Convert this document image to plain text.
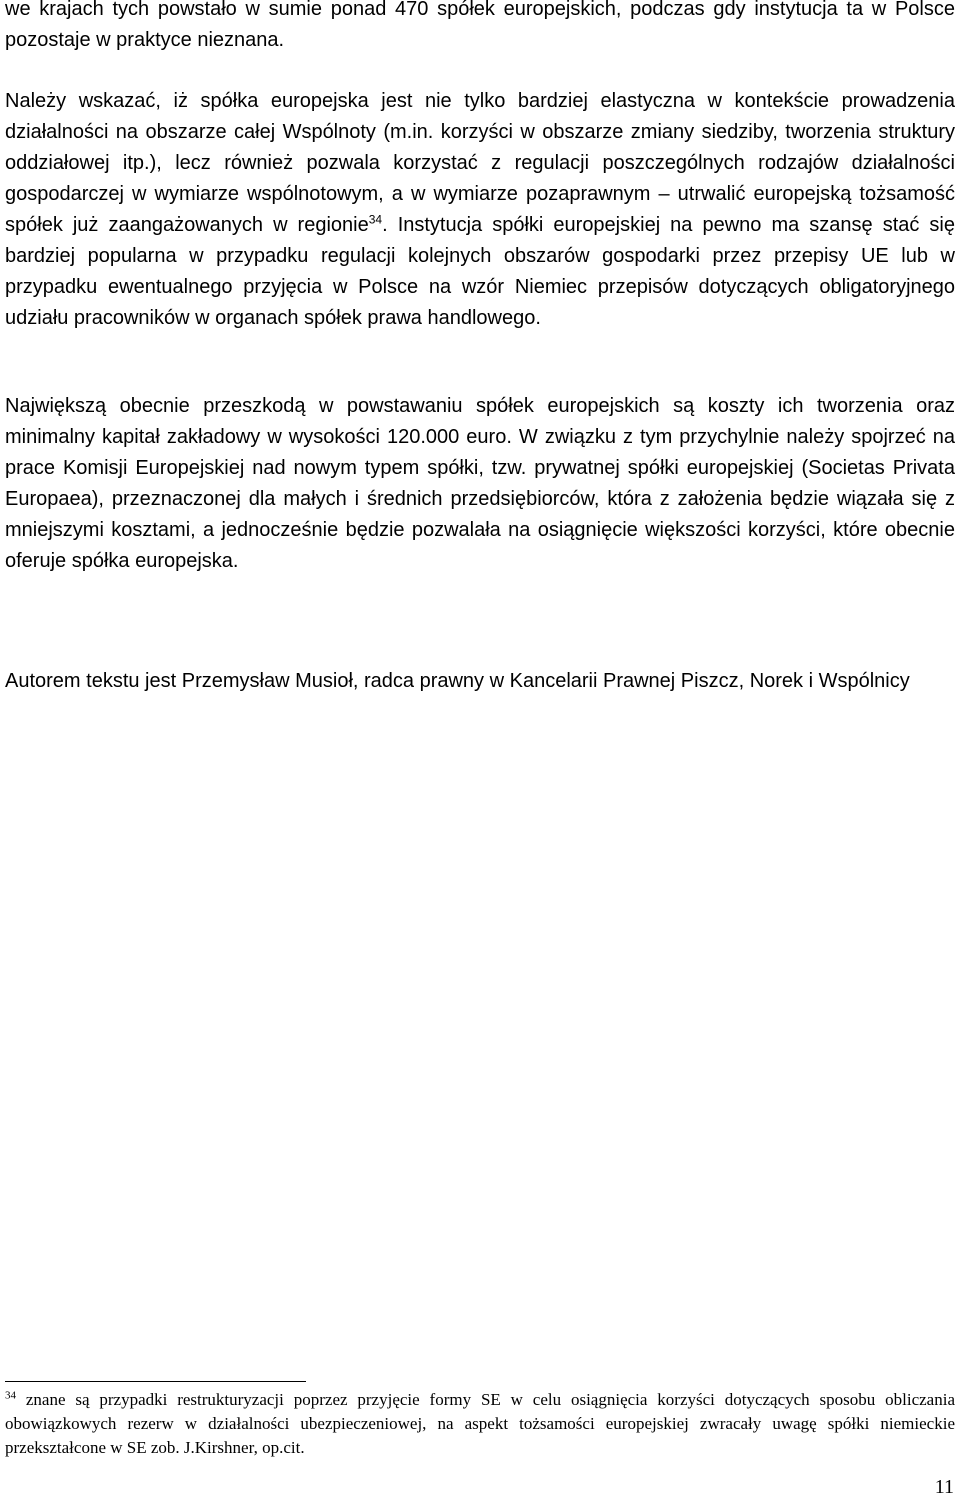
we krajach tych powstało w sumie ponad 470 spółek europejskich, podczas gdy instytucja ta w Polsce pozostaje w praktyce nieznana.

Należy wskazać, iż spółka europejska jest nie tylko bardziej elastyczna w kontekście prowadzenia działalności na obszarze całej Wspólnoty (m.in. korzyści w obszarze zmiany siedziby, tworzenia struktury oddziałowej itp.), lecz również pozwala korzystać z regulacji poszczególnych rodzajów działalności gospodarczej w wymiarze wspólnotowym, a w wymiarze pozaprawnym – utrwalić europejską tożsamość spółek już zaangażowanych w regionie$^{34}$. Instytucja spółki europejskiej na pewno ma szansę stać się bardziej popularna w przypadku regulacji kolejnych obszarów gospodarki przez przepisy UE lub w przypadku ewentualnego przyjęcia w Polsce na wzór Niemiec przepisów dotyczących obligatoryjnego udziału pracowników w organach spółek prawa handlowego.

Największą obecnie przeszkodą w powstawaniu spółek europejskich są koszty ich tworzenia oraz minimalny kapitał zakładowy w wysokości 120.000 euro. W związku z tym przychylnie należy spojrzeć na prace Komisji Europejskiej nad nowym typem spółki, tzw. prywatnej spółki europejskiej (Societas Privata Europaea), przeznaczonej dla małych i średnich przedsiębiorców, która z założenia będzie wiązała się z mniejszymi kosztami, a jednocześnie będzie pozwalała na osiągnięcie większości korzyści, które obecnie oferuje spółka europejska.

Autorem tekstu jest Przemysław Musioł, radca prawny w Kancelarii Prawnej Piszcz, Norek i Wspólnicy

$^{34}$ znane są przypadki restrukturyzacji poprzez przyjęcie formy SE w celu osiągnięcia korzyści dotyczących sposobu obliczania obowiązkowych rezerw w działalności ubezpieczeniowej, na aspekt tożsamości europejskiej zwracały uwagę spółki niemieckie przekształcone w SE zob. J.Kirshner, op.cit.

11
